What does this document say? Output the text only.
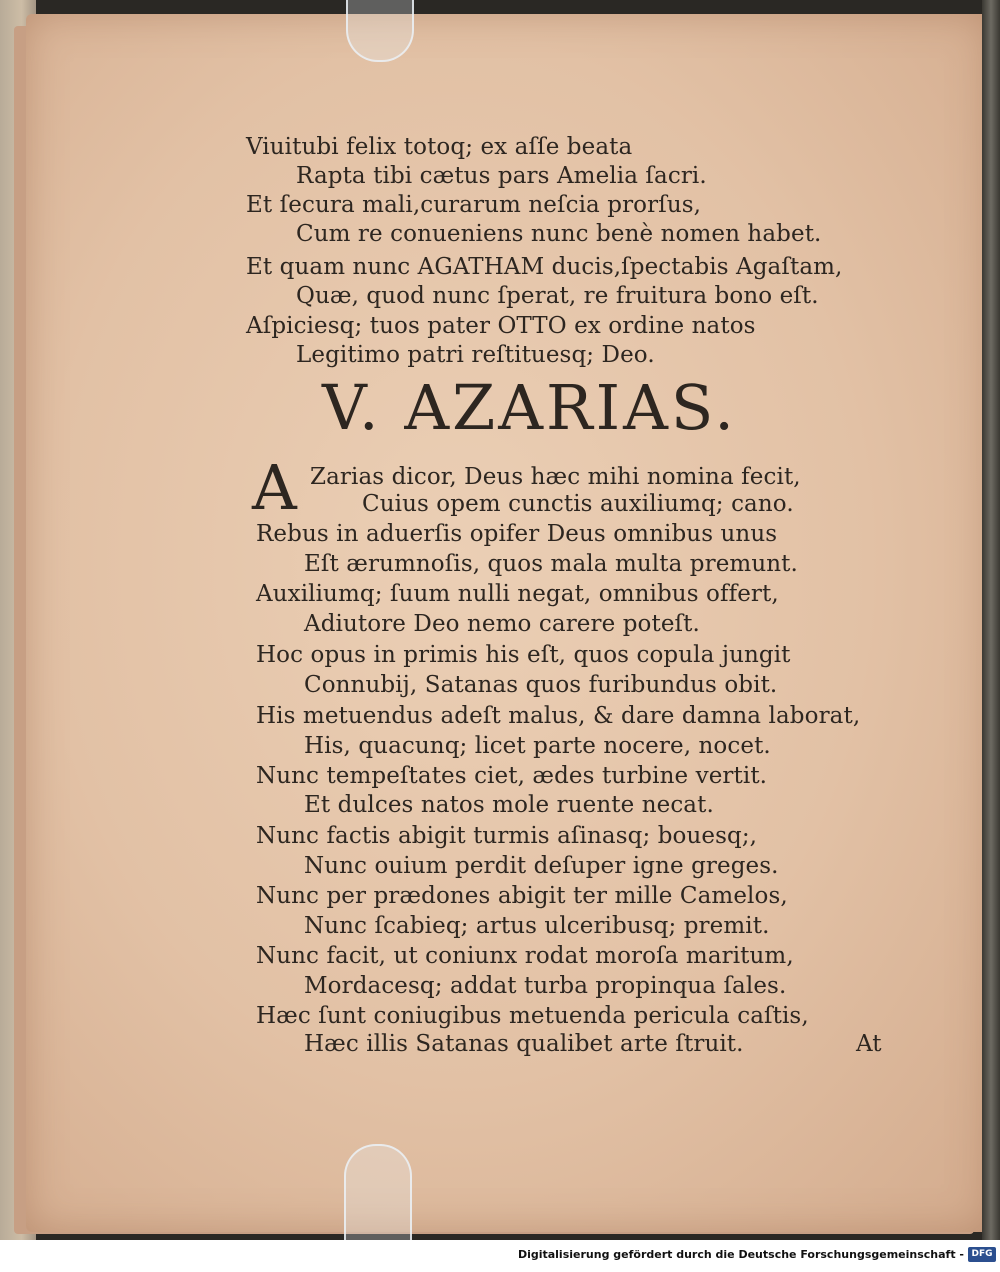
Viuitubi felix totoq; ex aſſe beata
Rapta tibi cætus pars Amelia ſacri.
Et ſecura mali,curarum neſcia prorſus,
Cum re conueniens nunc benè nomen habet.
Et quam nunc AGATHAM ducis,ſpectabis Agaſtam,
Quæ, quod nunc ſperat, re fruitura bono eſt.
Aſpiciesq; tuos pater OTTO ex ordine natos
Legitimo patri reſtituesq; Deo.
V. AZARIAS.
A Zarias dicor, Deus hæc mihi nomina fecit,
Cuius opem cunctis auxiliumq; cano.
Rebus in aduerſis opifer Deus omnibus unus
Eſt ærumnoſis, quos mala multa premunt.
Auxiliumq; ſuum nulli negat, omnibus offert,
Adiutore Deo nemo carere poteſt.
Hoc opus in primis his eſt, quos copula jungit
Connubij, Satanas quos furibundus obit.
His metuendus adeſt malus, & dare damna laborat,
His, quacunq; licet parte nocere, nocet.
Nunc tempeſtates ciet, ædes turbine vertit.
Et dulces natos mole ruente necat.
Nunc factis abigit turmis aſinasq; bouesq;,
Nunc ouium perdit deſuper igne greges.
Nunc per prædones abigit ter mille Camelos,
Nunc ſcabieq; artus ulceribusq; premit.
Nunc facit, ut coniunx rodat moroſa maritum,
Mordacesq; addat turba propinqua ſales.
Hæc ſunt coniugibus metuenda pericula caſtis,
Hæc illis Satanas qualibet arte ſtruit.	At
Digitalisierung gefördert durch die Deutsche Forschungsgemeinschaft - DFG
